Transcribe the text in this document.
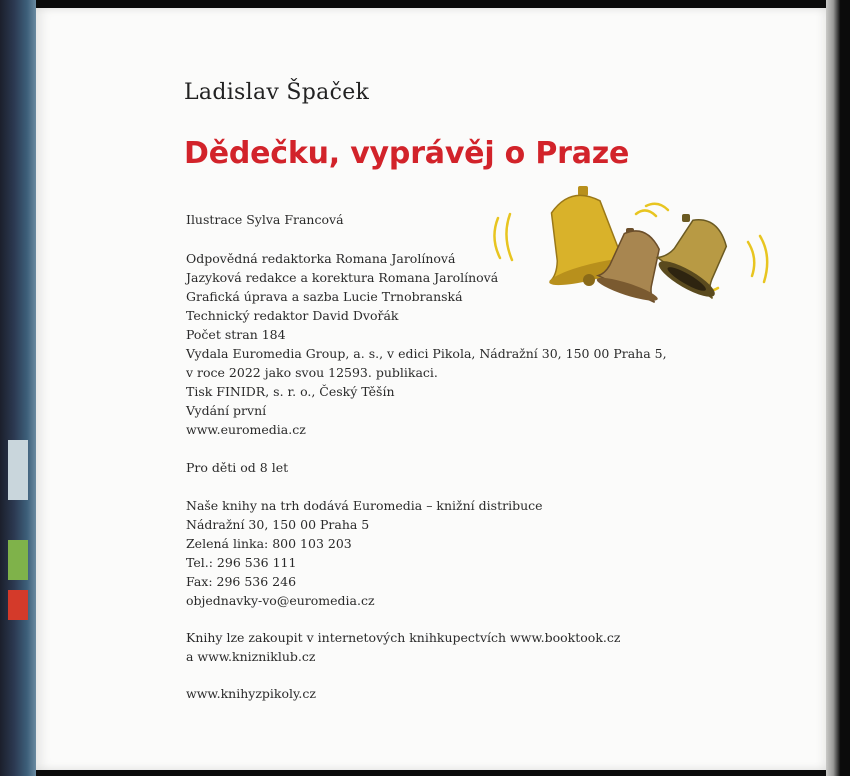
Ladislav Špaček
Dědečku, vyprávěj o Praze
Ilustrace Sylva Francová
Odpovědná redaktorka Romana Jarolínová
Jazyková redakce a korektura Romana Jarolínová
Grafická úprava a sazba Lucie Trnobranská
Technický redaktor David Dvořák
Počet stran 184
Vydala Euromedia Group, a. s., v edici Pikola, Nádražní 30, 150 00 Praha 5,
v roce 2022 jako svou 12593. publikaci.
Tisk FINIDR, s. r. o., Český Těšín
Vydání první
www.euromedia.cz
Pro děti od 8 let
Naše knihy na trh dodává Euromedia – knižní distribuce
Nádražní 30, 150 00 Praha 5
Zelená linka: 800 103 203
Tel.: 296 536 111
Fax: 296 536 246
objednavky-vo@euromedia.cz
Knihy lze zakoupit v internetových knihkupectvích www.booktook.cz
a www.knizniklub.cz
www.knihyzpikoly.cz
